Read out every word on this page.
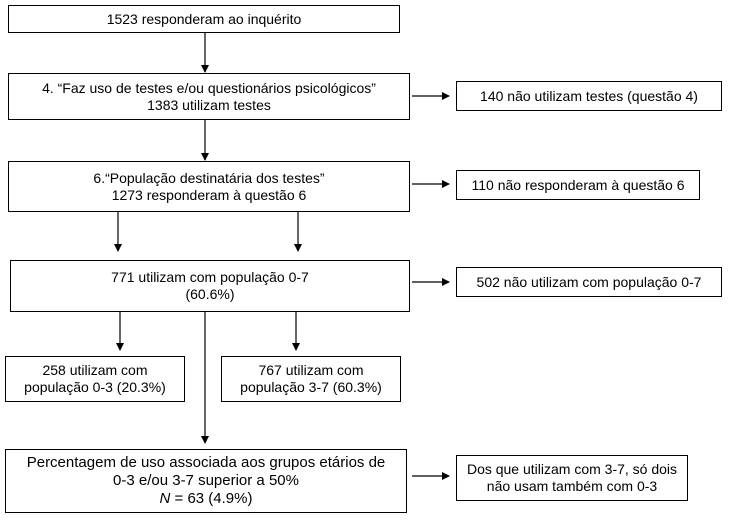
1523 responderam ao inquérito
4. “Faz uso de testes e/ou questionários psicológicos”
1383 utilizam testes
140 não utilizam testes (questão 4)
6.“População destinatária dos testes”
1273 responderam à questão 6
110 não responderam à questão 6
771 utilizam com população 0-7
(60.6%)
502 não utilizam com população 0-7
258 utilizam com
população 0-3 (20.3%)
767 utilizam com
população 3-7 (60.3%)
Percentagem de uso associada aos grupos etários de
0-3 e/ou 3-7 superior a 50%
N = 63 (4.9%)
Dos que utilizam com 3-7, só dois
não usam também com 0-3
